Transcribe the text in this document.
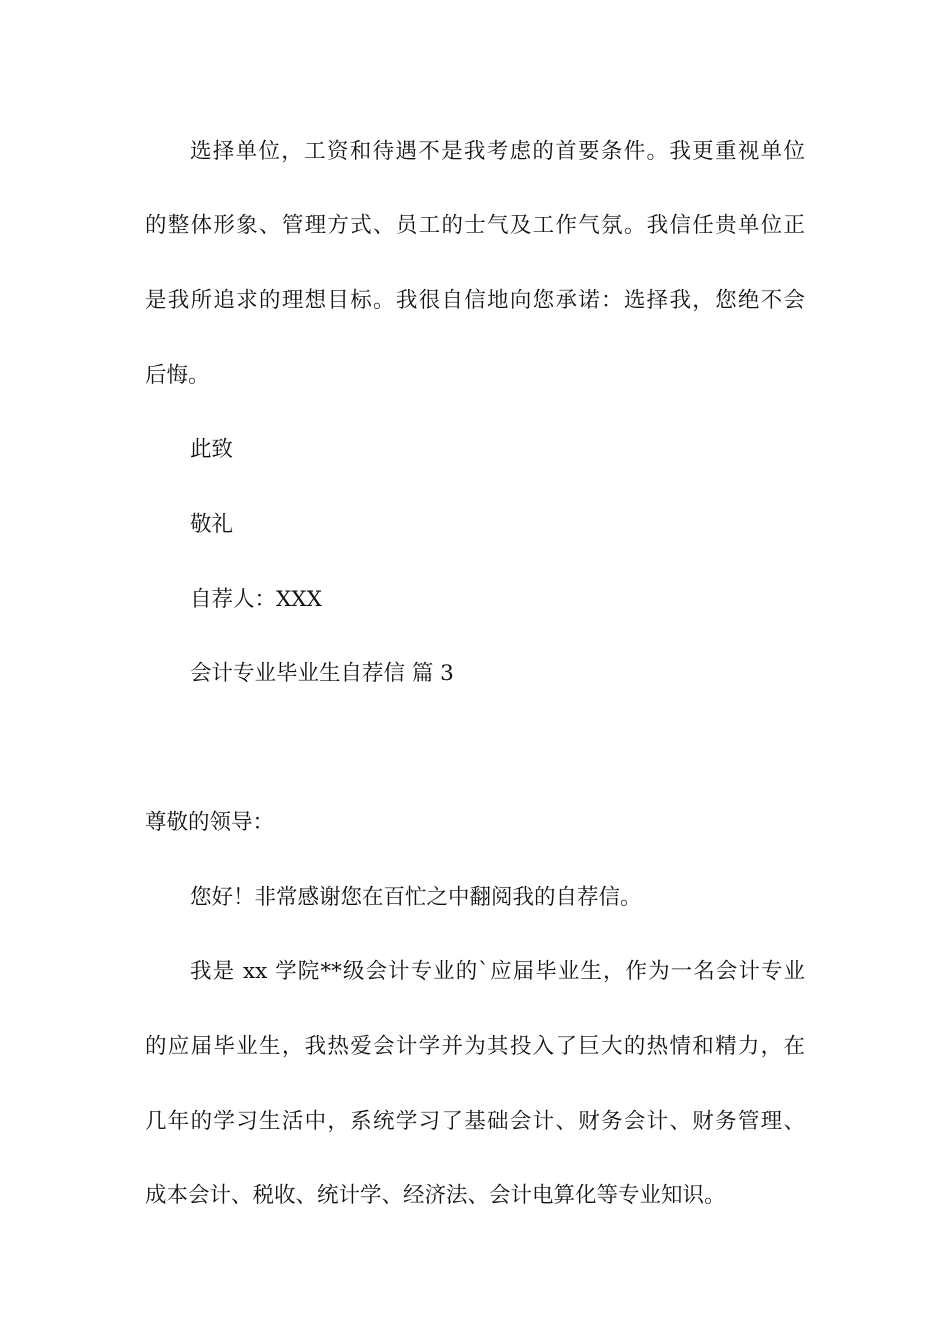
选择单位，工资和待遇不是我考虑的首要条件。我更重视单位
的整体形象、管理方式、员工的士气及工作气氛。我信任贵单位正
是我所追求的理想目标。我很自信地向您承诺：选择我，您绝不会
后悔。
此致
敬礼
自荐人：XXX
会计专业毕业生自荐信 篇 3
尊敬的领导：
您好！非常感谢您在百忙之中翻阅我的自荐信。
我是 xx 学院**级会计专业的`应届毕业生，作为一名会计专业
的应届毕业生，我热爱会计学并为其投入了巨大的热情和精力，在
几年的学习生活中，系统学习了基础会计、财务会计、财务管理、
成本会计、税收、统计学、经济法、会计电算化等专业知识。
